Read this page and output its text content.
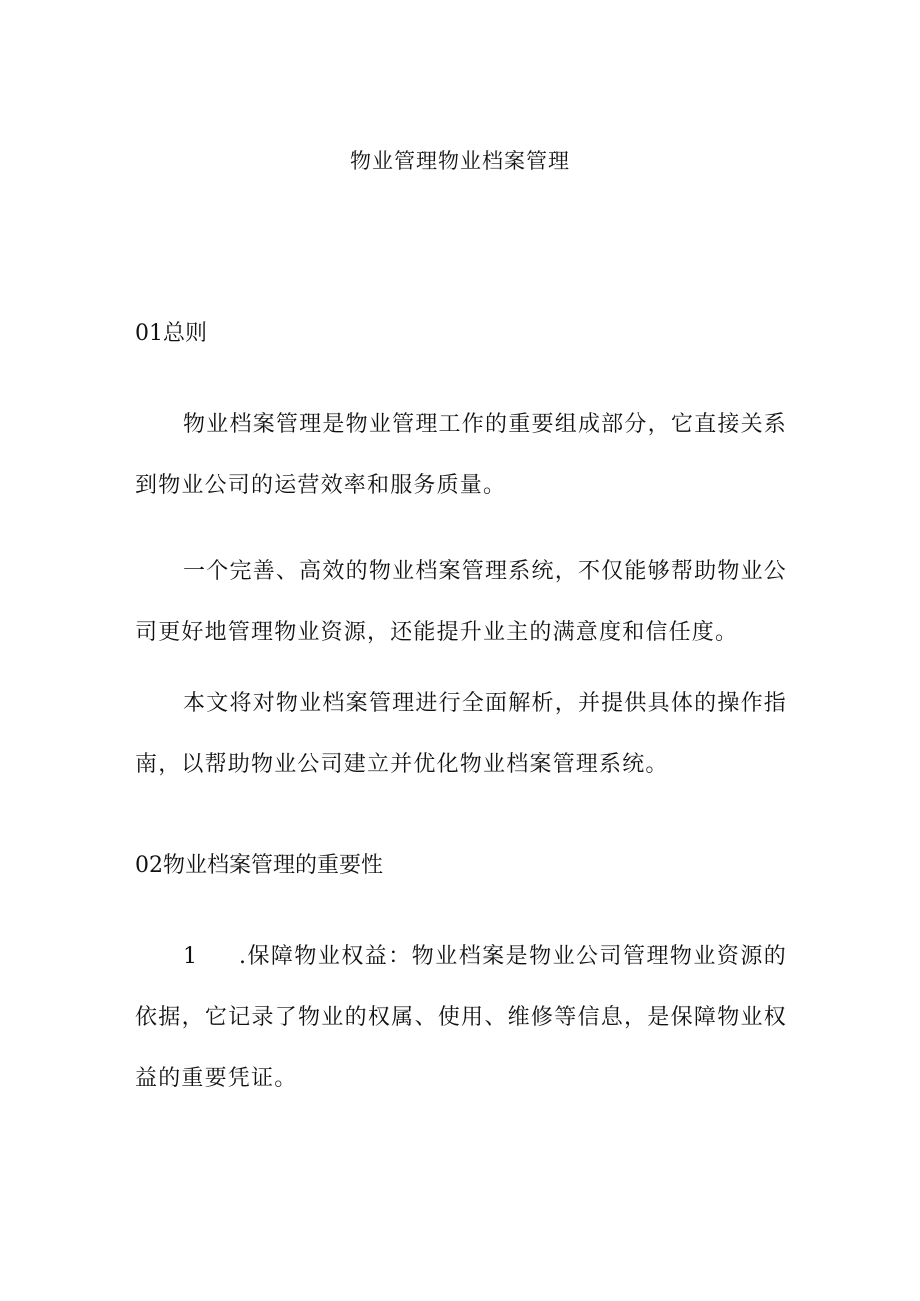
物业管理物业档案管理
01总则

物业档案管理是物业管理工作的重要组成部分，它直接关系到物业公司的运营效率和服务质量。

一个完善、高效的物业档案管理系统，不仅能够帮助物业公司更好地管理物业资源，还能提升业主的满意度和信任度。

本文将对物业档案管理进行全面解析，并提供具体的操作指南，以帮助物业公司建立并优化物业档案管理系统。

02物业档案管理的重要性

1 .保障物业权益：物业档案是物业公司管理物业资源的依据，它记录了物业的权属、使用、维修等信息，是保障物业权益的重要凭证。
